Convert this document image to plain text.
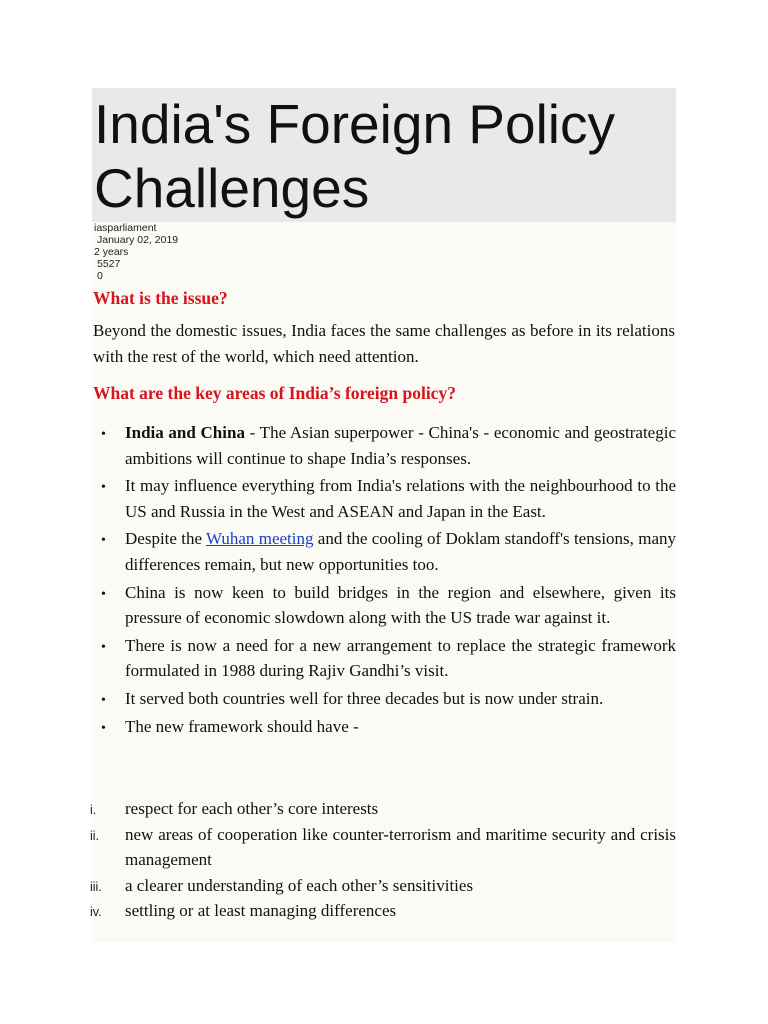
India's Foreign Policy Challenges
iasparliament
January 02, 2019
2 years
5527
0
What is the issue?

Beyond the domestic issues, India faces the same challenges as before in its relations with the rest of the world, which need attention.

What are the key areas of India’s foreign policy?
• India and China - The Asian superpower - China's - economic and geostrategic ambitions will continue to shape India’s responses.
• It may influence everything from India's relations with the neighbourhood to the US and Russia in the West and ASEAN and Japan in the East.
• Despite the Wuhan meeting and the cooling of Doklam standoff's tensions, many differences remain, but new opportunities too.
• China is now keen to build bridges in the region and elsewhere, given its pressure of economic slowdown along with the US trade war against it.
• There is now a need for a new arrangement to replace the strategic framework formulated in 1988 during Rajiv Gandhi’s visit.
• It served both countries well for three decades but is now under strain.
• The new framework should have -
i. respect for each other’s core interests
ii. new areas of cooperation like counter-terrorism and maritime security and crisis management
iii. a clearer understanding of each other’s sensitivities
iv. settling or at least managing differences
